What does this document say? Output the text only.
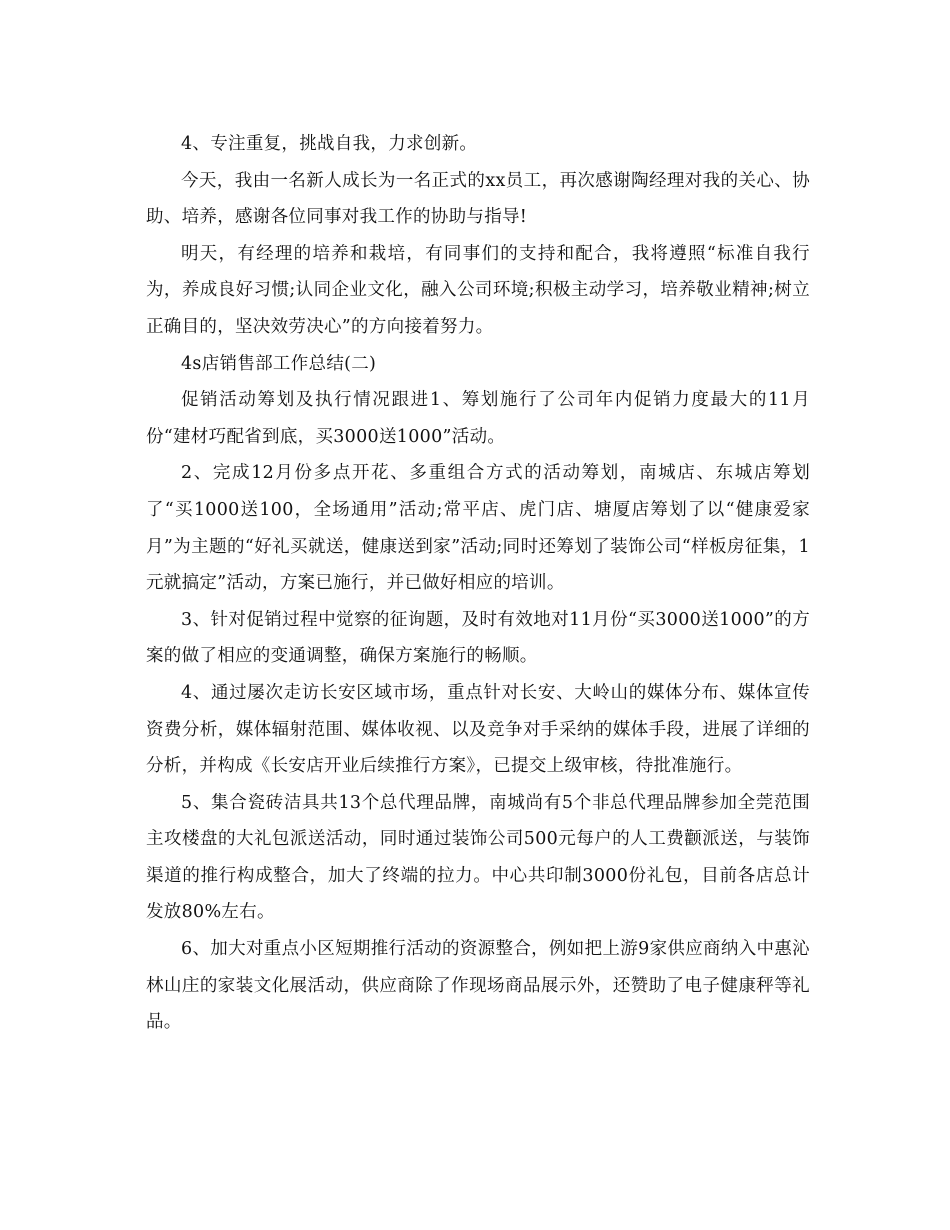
4、专注重复，挑战自我，力求创新。

今天，我由一名新人成长为一名正式的xx员工，再次感谢陶经理对我的关心、协助、培养，感谢各位同事对我工作的协助与指导!

明天，有经理的培养和栽培，有同事们的支持和配合，我将遵照“标准自我行为，养成良好习惯;认同企业文化，融入公司环境;积极主动学习，培养敬业精神;树立正确目的，坚决效劳决心”的方向接着努力。

4s店销售部工作总结(二)

促销活动筹划及执行情况跟进1、筹划施行了公司年内促销力度最大的11月份“建材巧配省到底，买3000送1000”活动。

2、完成12月份多点开花、多重组合方式的活动筹划，南城店、东城店筹划了“买1000送100，全场通用”活动;常平店、虎门店、塘厦店筹划了以“健康爱家月”为主题的“好礼买就送，健康送到家”活动;同时还筹划了装饰公司“样板房征集，1元就搞定”活动，方案已施行，并已做好相应的培训。

3、针对促销过程中觉察的征询题，及时有效地对11月份“买3000送1000”的方案的做了相应的变通调整，确保方案施行的畅顺。

4、通过屡次走访长安区域市场，重点针对长安、大岭山的媒体分布、媒体宣传资费分析，媒体辐射范围、媒体收视、以及竞争对手采纳的媒体手段，进展了详细的分析，并构成《长安店开业后续推行方案》，已提交上级审核，待批准施行。

5、集合瓷砖洁具共13个总代理品牌，南城尚有5个非总代理品牌参加全莞范围主攻楼盘的大礼包派送活动，同时通过装饰公司500元每户的人工费颧派送，与装饰渠道的推行构成整合，加大了终端的拉力。中心共印制3000份礼包，目前各店总计发放80%左右。

6、加大对重点小区短期推行活动的资源整合，例如把上游9家供应商纳入中惠沁林山庄的家装文化展活动，供应商除了作现场商品展示外，还赞助了电子健康秤等礼品。
